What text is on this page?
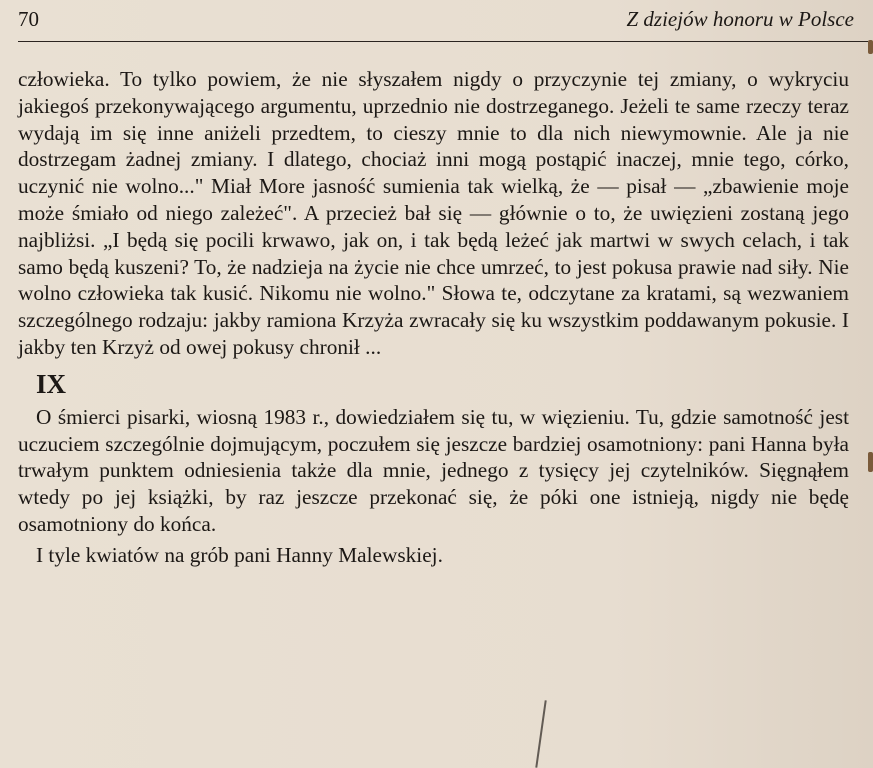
70	Z dziejów honoru w Polsce

człowieka. To tylko powiem, że nie słyszałem nigdy o przyczynie tej zmiany, o wykryciu jakiegoś przekonywającego argumentu, uprzednio nie dostrzeganego. Jeżeli te same rzeczy teraz wydają im się inne aniżeli przedtem, to cieszy mnie to dla nich niewymownie. Ale ja nie dostrzegam żadnej zmiany. I dlatego, chociaż inni mogą postąpić inaczej, mnie tego, córko, uczynić nie wolno..." Miał More jasność sumienia tak wielką, że — pisał — „zbawienie moje może śmiało od niego zależeć". A przecież bał się — głównie o to, że uwięzieni zostaną jego najbliżsi. „I będą się pocili krwawo, jak on, i tak będą leżeć jak martwi w swych celach, i tak samo będą kuszeni? To, że nadzieja na życie nie chce umrzeć, to jest pokusa prawie nad siły. Nie wolno człowieka tak kusić. Nikomu nie wolno." Słowa te, odczytane za kratami, są wezwaniem szczególnego rodzaju: jakby ramiona Krzyża zwracały się ku wszystkim poddawanym pokusie. I jakby ten Krzyż od owej pokusy chronił ...

IX

O śmierci pisarki, wiosną 1983 r., dowiedziałem się tu, w więzieniu. Tu, gdzie samotność jest uczuciem szczególnie dojmującym, poczułem się jeszcze bardziej osamotniony: pani Hanna była trwałym punktem odniesienia także dla mnie, jednego z tysięcy jej czytelników. Sięgnąłem wtedy po jej książki, by raz jeszcze przekonać się, że póki one istnieją, nigdy nie będę osamotniony do końca.

I tyle kwiatów na grób pani Hanny Malewskiej.
